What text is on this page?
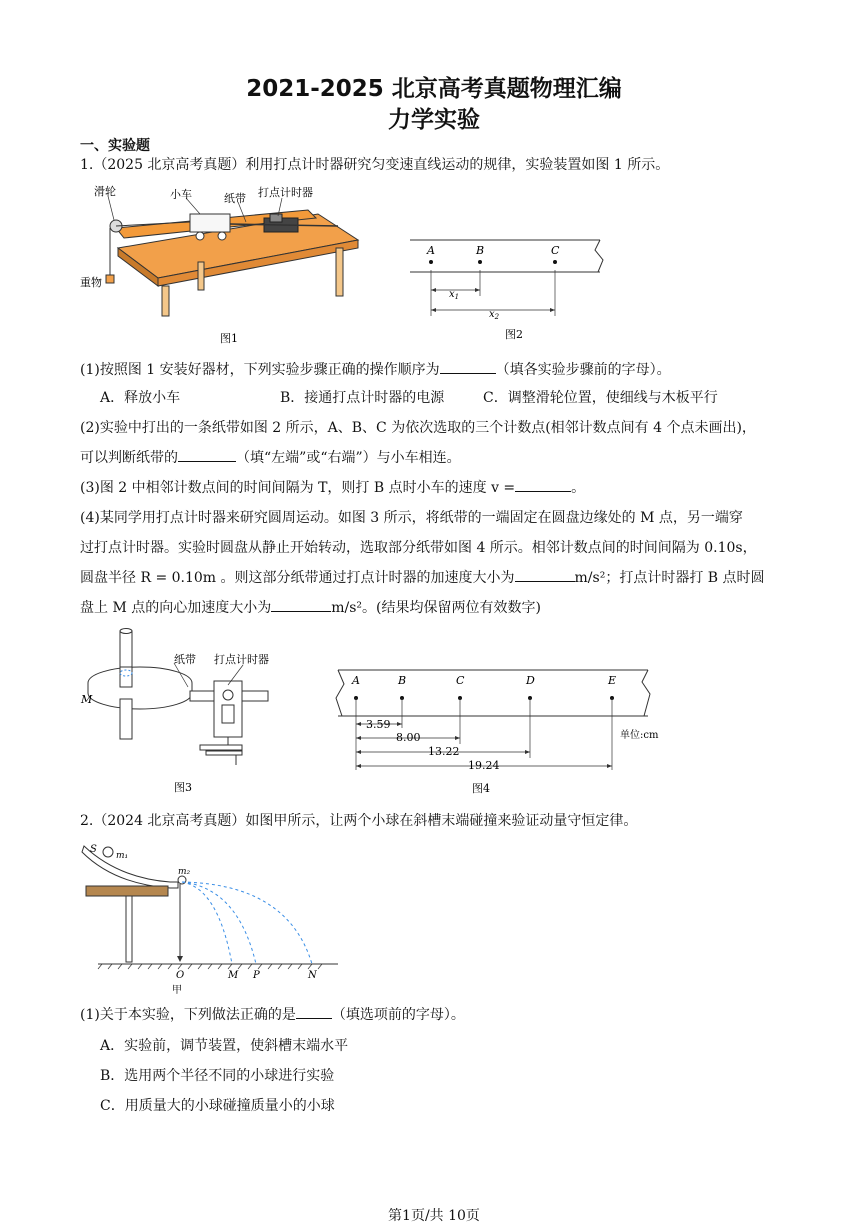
2021-2025 北京高考真题物理汇编
力学实验
一、实验题
1.（2025 北京高考真题）利用打点计时器研究匀变速直线运动的规律，实验装置如图 1 所示。
滑轮	小车	纸带 打点计时器
重物
图1
A	B	C
$x_1$
$x_2$
图2
(1)按照图 1 安装好器材，下列实验步骤正确的操作顺序为	（填各实验步骤前的字母）。
A．释放小车	B．接通打点计时器的电源	C．调整滑轮位置，使细线与木板平行
(2)实验中打出的一条纸带如图 2 所示，A、B、C 为依次选取的三个计数点(相邻计数点间有 4 个点未画出)，
可以判断纸带的	（填“左端”或“右端”）与小车相连。
(3)图 2 中相邻计数点间的时间间隔为 T，则打 B 点时小车的速度 v =	。
(4)某同学用打点计时器来研究圆周运动。如图 3 所示，将纸带的一端固定在圆盘边缘处的 M 点，另一端穿
过打点计时器。实验时圆盘从静止开始转动，选取部分纸带如图 4 所示。相邻计数点间的时间间隔为 0.10s，
圆盘半径 R = 0.10m 。则这部分纸带通过打点计时器的加速度大小为	m/s²；打点计时器打 B 点时圆
盘上 M 点的向心加速度大小为	m/s²。(结果均保留两位有效数字)
纸带 打点计时器
M
图3
A	B	C	D	E
3.59
8.00
13.22
19.24
单位:cm
图4
2.（2024 北京高考真题）如图甲所示，让两个小球在斜槽末端碰撞来验证动量守恒定律。
S
m₁
m₂
O	M P	N
甲
(1)关于本实验，下列做法正确的是	（填选项前的字母）。
A．实验前，调节装置，使斜槽末端水平
B．选用两个半径不同的小球进行实验
C．用质量大的小球碰撞质量小的小球
第1页/共 10页
